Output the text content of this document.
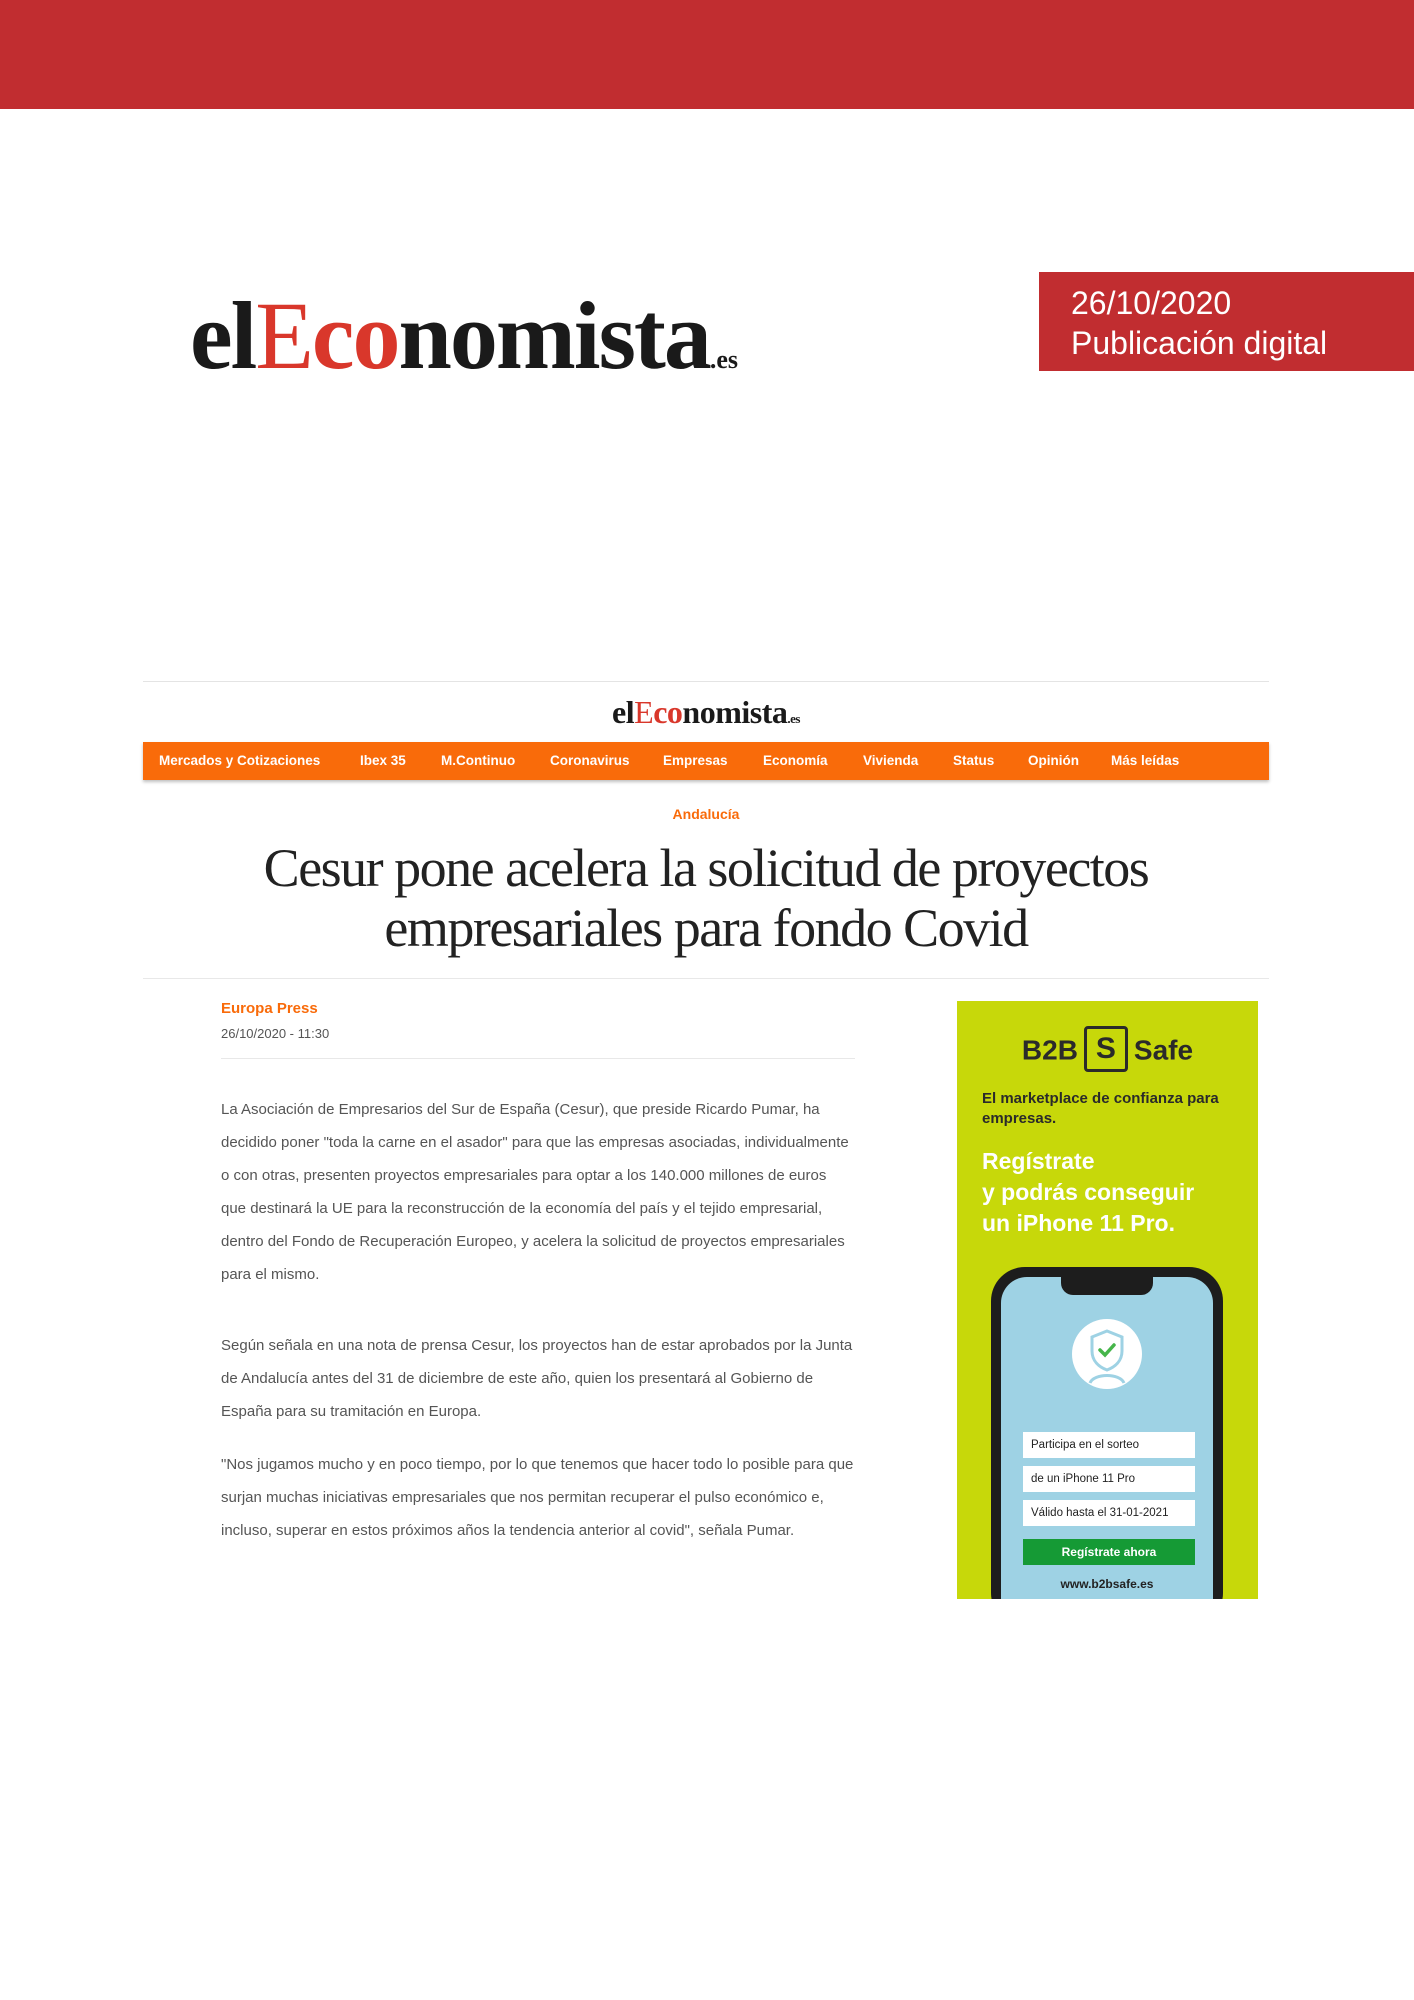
elEconomista.es
26/10/2020
Publicación digital
elEconomista.es
Mercados y Cotizaciones	Ibex 35	M.Continuo	Coronavirus Empresas	Economía	Vivienda	Status Opinión Más leídas
Andalucía
Cesur pone acelera la solicitud de proyectos
empresariales para fondo Covid
Europa Press
26/10/2020 - 11:30

La Asociación de Empresarios del Sur de España (Cesur), que preside Ricardo Pumar, ha decidido poner "toda la carne en el asador" para que las empresas asociadas, individualmente o con otras, presenten proyectos empresariales para optar a los 140.000 millones de euros que destinará la UE para la reconstrucción de la economía del país y el tejido empresarial, dentro del Fondo de Recuperación Europeo, y acelera la solicitud de proyectos empresariales para el mismo.

Según señala en una nota de prensa Cesur, los proyectos han de estar aprobados por la Junta de Andalucía antes del 31 de diciembre de este año, quien los presentará al Gobierno de España para su tramitación en Europa.

"Nos jugamos mucho y en poco tiempo, por lo que tenemos que hacer todo lo posible para que surjan muchas iniciativas empresariales que nos permitan recuperar el pulso económico e, incluso, superar en estos próximos años la tendencia anterior al covid", señala Pumar.

B2B S Safe

El marketplace de confianza para empresas.

Regístrate
y podrás conseguir
un iPhone 11 Pro.

Participa en el sorteo
de un iPhone 11 Pro
Válido hasta el 31-01-2021
Regístrate ahora
www.b2bsafe.es
